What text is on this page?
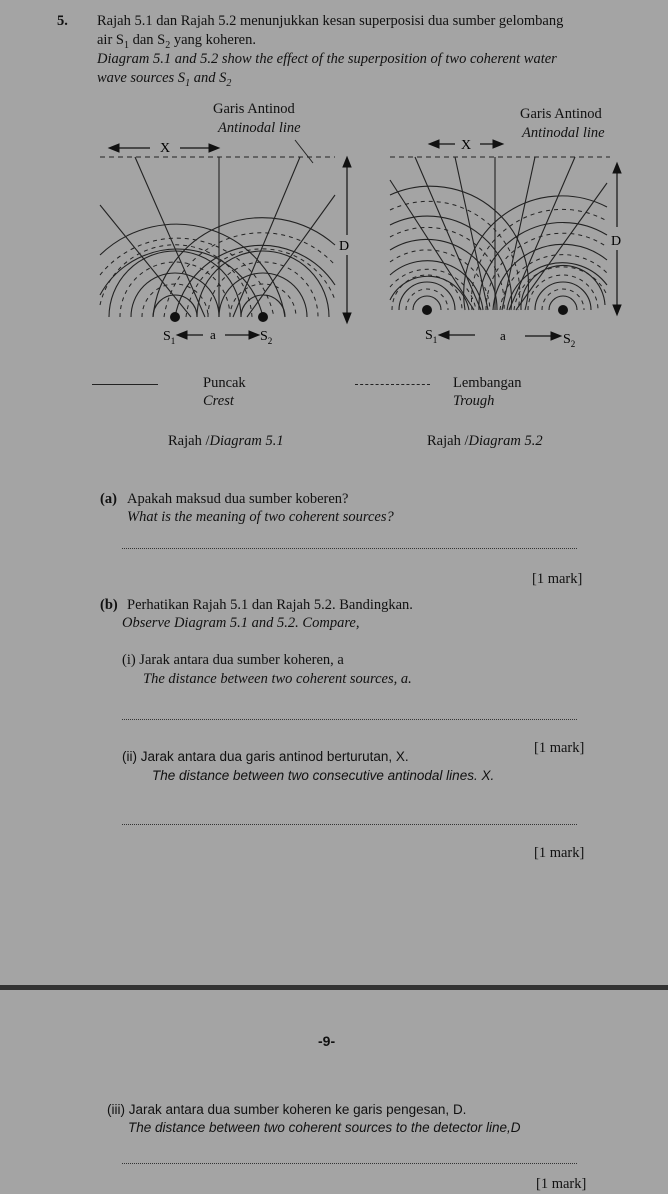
5. Rajah 5.1 dan Rajah 5.2 menunjukkan kesan superposisi dua sumber gelombang
air $S_1$ dan $S_2$ yang koheren.
Diagram 5.1 and 5.2 show the effect of the superposition of two coherent water
wave sources $S_1$ and $S_2$
Garis Antinod
Antinodal line
X
D
$S_1$	$S_2$
a
Garis Antinod
Antinodal line
X
D
$S_1$	$S_2$
a
Puncak
Crest
Lembangan
Trough
Rajah /Diagram 5.1	Rajah /Diagram 5.2
(a) Apakah maksud dua sumber koberen?
What is the meaning of two coherent sources?
[1 mark]
(b) Perhatikan Rajah 5.1 dan Rajah 5.2. Bandingkan.
Observe Diagram 5.1 and 5.2. Compare,
(i) Jarak antara dua sumber koheren, a
The distance between two coherent sources, a.
(ii) Jarak antara dua garis antinod berturutan, X.
[1 mark]
The distance between two consecutive antinodal lines. X.
[1 mark]
-9-
(iii) Jarak antara dua sumber koheren ke garis pengesan, D.
The distance between two coherent sources to the detector line,D
[1 mark]
